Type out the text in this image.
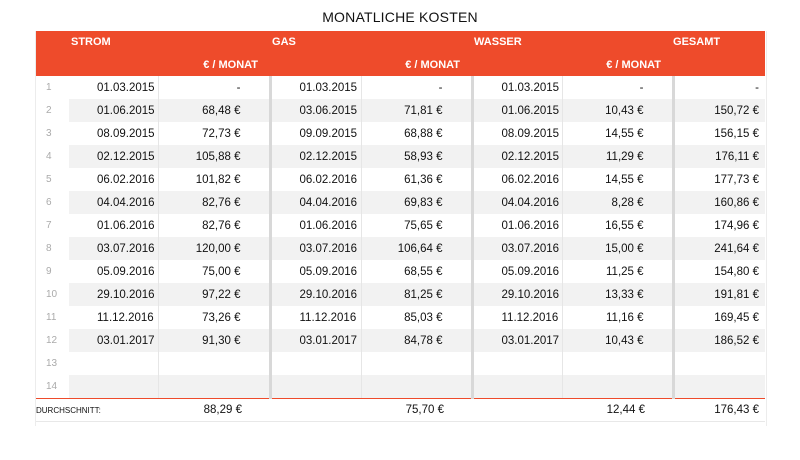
MONATLICHE KOSTEN
	STROM		GAS		WASSER		GESAMT
		€ / MONAT		€ / MONAT		€ / MONAT	
1	01.03.2015	-	01.03.2015	-	01.03.2015	-	-
2	01.06.2015	68,48 €	03.06.2015	71,81 €	01.06.2015	10,43 €	150,72 €
3	08.09.2015	72,73 €	09.09.2015	68,88 €	08.09.2015	14,55 €	156,15 €
4	02.12.2015	105,88 €	02.12.2015	58,93 €	02.12.2015	11,29 €	176,11 €
5	06.02.2016	101,82 €	06.02.2016	61,36 €	06.02.2016	14,55 €	177,73 €
6	04.04.2016	82,76 €	04.04.2016	69,83 €	04.04.2016	8,28 €	160,86 €
7	01.06.2016	82,76 €	01.06.2016	75,65 €	01.06.2016	16,55 €	174,96 €
8	03.07.2016	120,00 €	03.07.2016	106,64 €	03.07.2016	15,00 €	241,64 €
9	05.09.2016	75,00 €	05.09.2016	68,55 €	05.09.2016	11,25 €	154,80 €
10	29.10.2016	97,22 €	29.10.2016	81,25 €	29.10.2016	13,33 €	191,81 €
11	11.12.2016	73,26 €	11.12.2016	85,03 €	11.12.2016	11,16 €	169,45 €
12	03.01.2017	91,30 €	03.01.2017	84,78 €	03.01.2017	10,43 €	186,52 €
13							
14							
DURCHSCHNITT:		88,29 €		75,70 €		12,44 €	176,43 €
